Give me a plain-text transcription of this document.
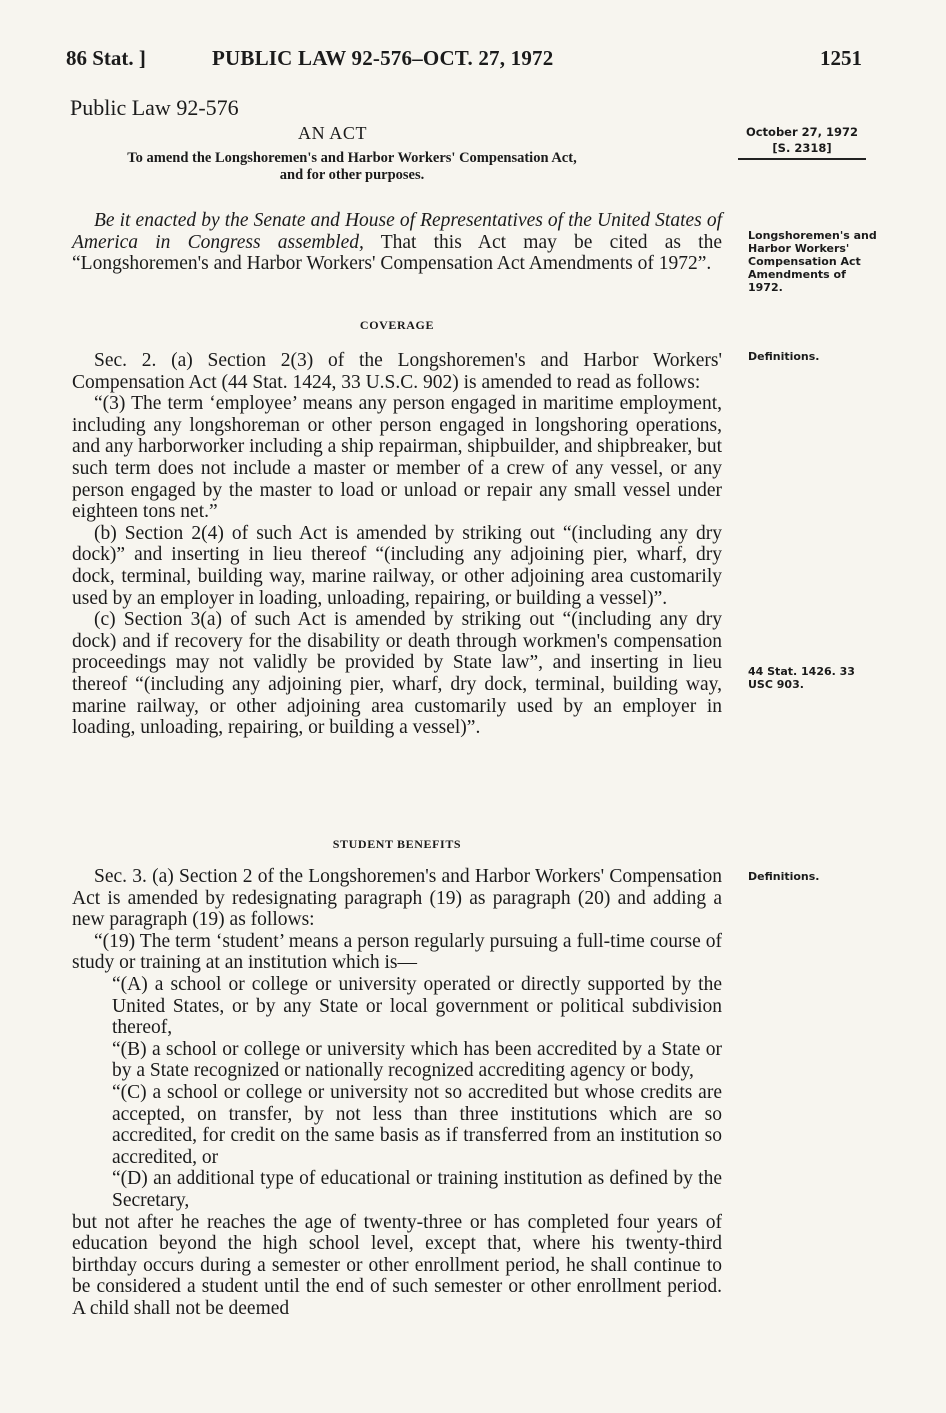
86 Stat. ]	PUBLIC LAW 92-576–OCT. 27, 1972	1251
Public Law 92-576
AN ACT
To amend the Longshoremen's and Harbor Workers' Compensation Act, and for other purposes.
October 27, 1972
[S. 2318]

Be it enacted by the Senate and House of Representatives of the United States of America in Congress assembled, That this Act may be cited as the “Longshoremen's and Harbor Workers' Compensation Act Amendments of 1972”.

Longshoremen's and Harbor Workers' Compensation Act Amendments of 1972.
COVERAGE
Definitions.

Sec. 2. (a) Section 2(3) of the Longshoremen's and Harbor Workers' Compensation Act (44 Stat. 1424, 33 U.S.C. 902) is amended to read as follows:

“(3) The term ‘employee’ means any person engaged in maritime employment, including any longshoreman or other person engaged in longshoring operations, and any harborworker including a ship repairman, shipbuilder, and shipbreaker, but such term does not include a master or member of a crew of any vessel, or any person engaged by the master to load or unload or repair any small vessel under eighteen tons net.”

(b) Section 2(4) of such Act is amended by striking out “(including any dry dock)” and inserting in lieu thereof “(including any adjoining pier, wharf, dry dock, terminal, building way, marine railway, or other adjoining area customarily used by an employer in loading, unloading, repairing, or building a vessel)”.

(c) Section 3(a) of such Act is amended by striking out “(including any dry dock) and if recovery for the disability or death through workmen's compensation proceedings may not validly be provided by State law”, and inserting in lieu thereof “(including any adjoining pier, wharf, dry dock, terminal, building way, marine railway, or other adjoining area customarily used by an employer in loading, unloading, repairing, or building a vessel)”.

44 Stat. 1426. 33 USC 903.
STUDENT BENEFITS
Definitions.

Sec. 3. (a) Section 2 of the Longshoremen's and Harbor Workers' Compensation Act is amended by redesignating paragraph (19) as paragraph (20) and adding a new paragraph (19) as follows:

“(19) The term ‘student’ means a person regularly pursuing a full-time course of study or training at an institution which is—

“(A) a school or college or university operated or directly supported by the United States, or by any State or local government or political subdivision thereof,

“(B) a school or college or university which has been accredited by a State or by a State recognized or nationally recognized accrediting agency or body,

“(C) a school or college or university not so accredited but whose credits are accepted, on transfer, by not less than three institutions which are so accredited, for credit on the same basis as if transferred from an institution so accredited, or

“(D) an additional type of educational or training institution as defined by the Secretary,

but not after he reaches the age of twenty-three or has completed four years of education beyond the high school level, except that, where his twenty-third birthday occurs during a semester or other enrollment period, he shall continue to be considered a student until the end of such semester or other enrollment period. A child shall not be deemed
